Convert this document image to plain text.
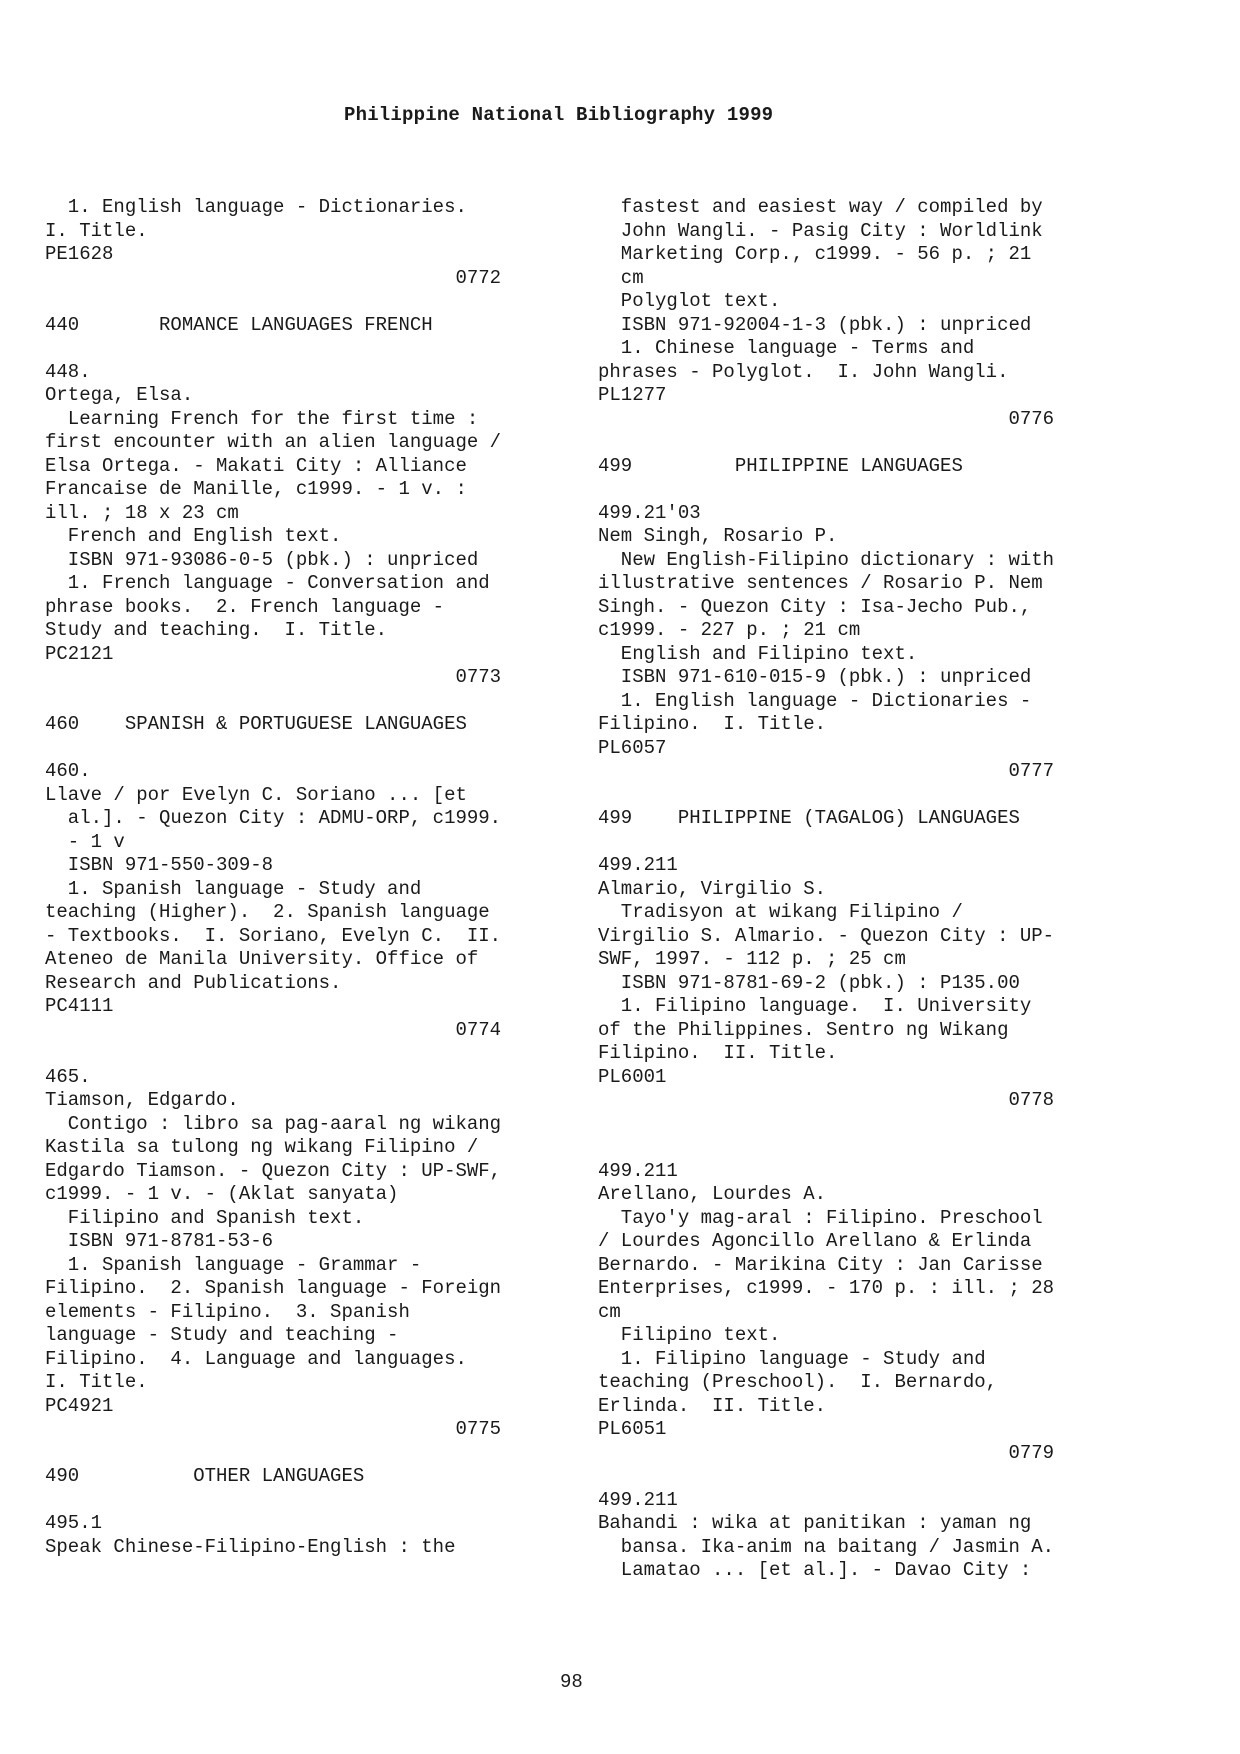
Philippine National Bibliography 1999
1. English language - Dictionaries.
I. Title.
PE1628
0772
440       ROMANCE LANGUAGES FRENCH
448.
Ortega, Elsa.
Learning French for the first time :
first encounter with an alien language /
Elsa Ortega. - Makati City : Alliance
Francaise de Manille, c1999. - 1 v. :
ill. ; 18 x 23 cm
French and English text.
ISBN 971-93086-0-5 (pbk.) : unpriced
1. French language - Conversation and
phrase books.  2. French language -
Study and teaching.  I. Title.
PC2121
0773
460    SPANISH & PORTUGUESE LANGUAGES
460.
Llave / por Evelyn C. Soriano ... [et
al.]. - Quezon City : ADMU-ORP, c1999.
- 1 v
ISBN 971-550-309-8
1. Spanish language - Study and
teaching (Higher).  2. Spanish language
- Textbooks.  I. Soriano, Evelyn C.  II.
Ateneo de Manila University. Office of
Research and Publications.
PC4111
0774
465.
Tiamson, Edgardo.
Contigo : libro sa pag-aaral ng wikang
Kastila sa tulong ng wikang Filipino /
Edgardo Tiamson. - Quezon City : UP-SWF,
c1999. - 1 v. - (Aklat sanyata)
Filipino and Spanish text.
ISBN 971-8781-53-6
1. Spanish language - Grammar -
Filipino.  2. Spanish language - Foreign
elements - Filipino.  3. Spanish
language - Study and teaching -
Filipino.  4. Language and languages.
I. Title.
PC4921
0775
490          OTHER LANGUAGES
495.1
Speak Chinese-Filipino-English : the
fastest and easiest way / compiled by
John Wangli. - Pasig City : Worldlink
Marketing Corp., c1999. - 56 p. ; 21
cm
Polyglot text.
ISBN 971-92004-1-3 (pbk.) : unpriced
1. Chinese language - Terms and
phrases - Polyglot.  I. John Wangli.
PL1277
0776
499         PHILIPPINE LANGUAGES
499.21'03
Nem Singh, Rosario P.
New English-Filipino dictionary : with
illustrative sentences / Rosario P. Nem
Singh. - Quezon City : Isa-Jecho Pub.,
c1999. - 227 p. ; 21 cm
English and Filipino text.
ISBN 971-610-015-9 (pbk.) : unpriced
1. English language - Dictionaries -
Filipino.  I. Title.
PL6057
0777
499    PHILIPPINE (TAGALOG) LANGUAGES
499.211
Almario, Virgilio S.
Tradisyon at wikang Filipino /
Virgilio S. Almario. - Quezon City : UP-
SWF, 1997. - 112 p. ; 25 cm
ISBN 971-8781-69-2 (pbk.) : P135.00
1. Filipino language.  I. University
of the Philippines. Sentro ng Wikang
Filipino.  II. Title.
PL6001
0778
499.211
Arellano, Lourdes A.
Tayo'y mag-aral : Filipino. Preschool
/ Lourdes Agoncillo Arellano & Erlinda
Bernardo. - Marikina City : Jan Carisse
Enterprises, c1999. - 170 p. : ill. ; 28
cm
Filipino text.
1. Filipino language - Study and
teaching (Preschool).  I. Bernardo,
Erlinda.  II. Title.
PL6051
0779
499.211
Bahandi : wika at panitikan : yaman ng
bansa. Ika-anim na baitang / Jasmin A.
Lamatao ... [et al.]. - Davao City :
98
